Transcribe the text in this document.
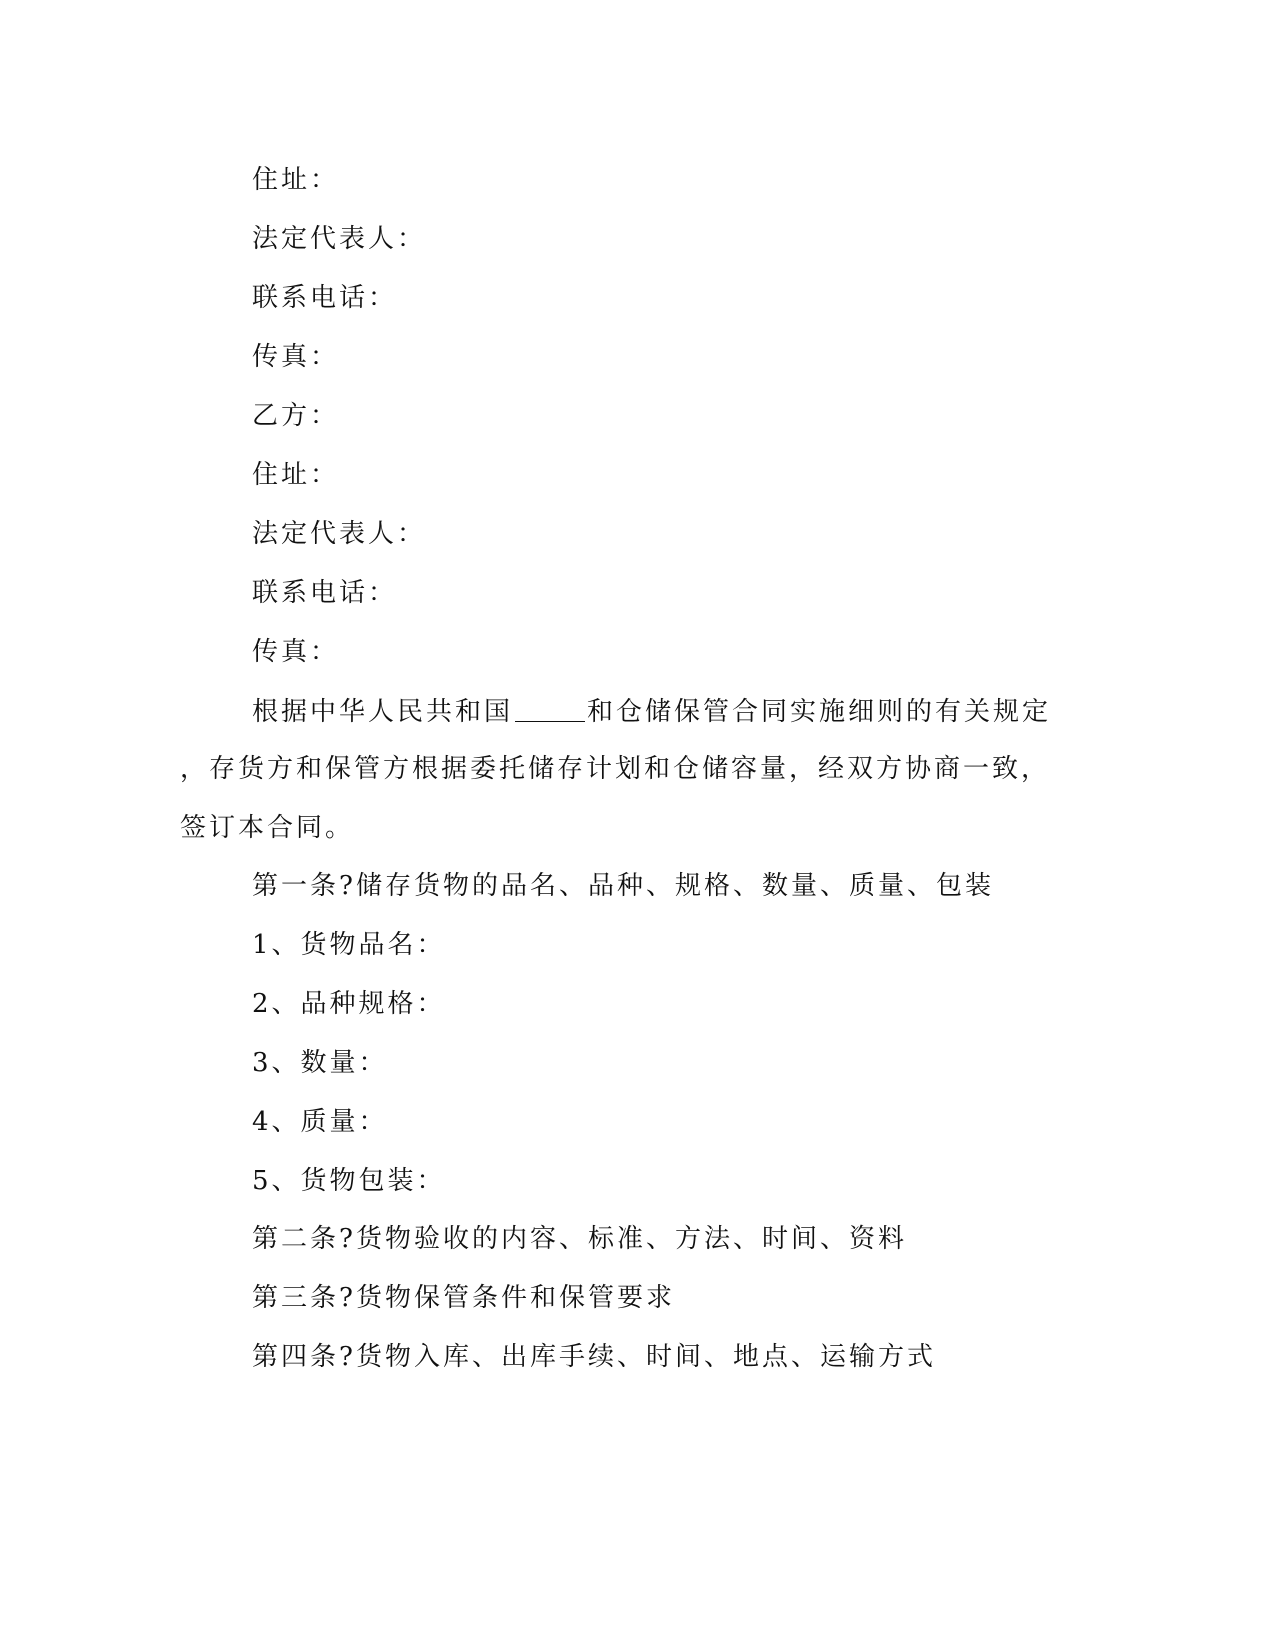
住址：
法定代表人：
联系电话：
传真：
乙方：
住址：
法定代表人：
联系电话：
传真：
根据中华人民共和国	和仓储保管合同实施细则的有关规定
，存货方和保管方根据委托储存计划和仓储容量，经双方协商一致，
签订本合同。
第一条?储存货物的品名、品种、规格、数量、质量、包装
1、货物品名：
2、品种规格：
3、数量：
4、质量：
5、货物包装：
第二条?货物验收的内容、标准、方法、时间、资料
第三条?货物保管条件和保管要求
第四条?货物入库、出库手续、时间、地点、运输方式
